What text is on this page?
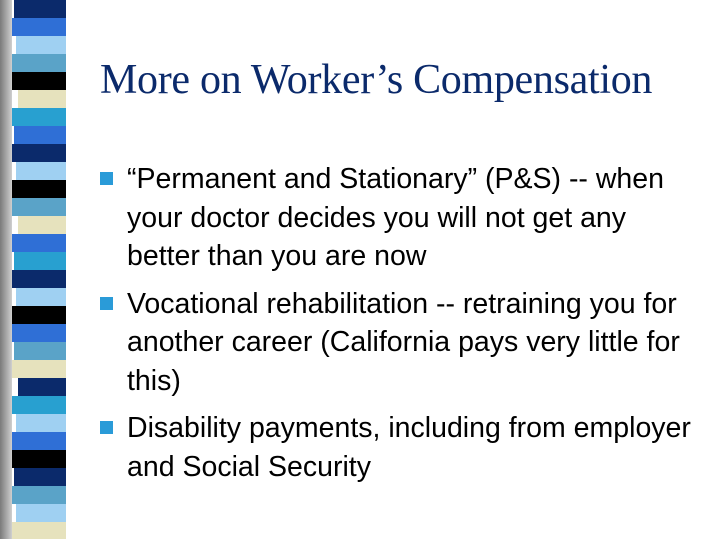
More on Worker’s Compensation
“Permanent and Stationary” (P&S) -- when your doctor decides you will not get any better than you are now
Vocational rehabilitation -- retraining you for another career (California pays very little for this)
Disability payments, including from employer and Social Security
